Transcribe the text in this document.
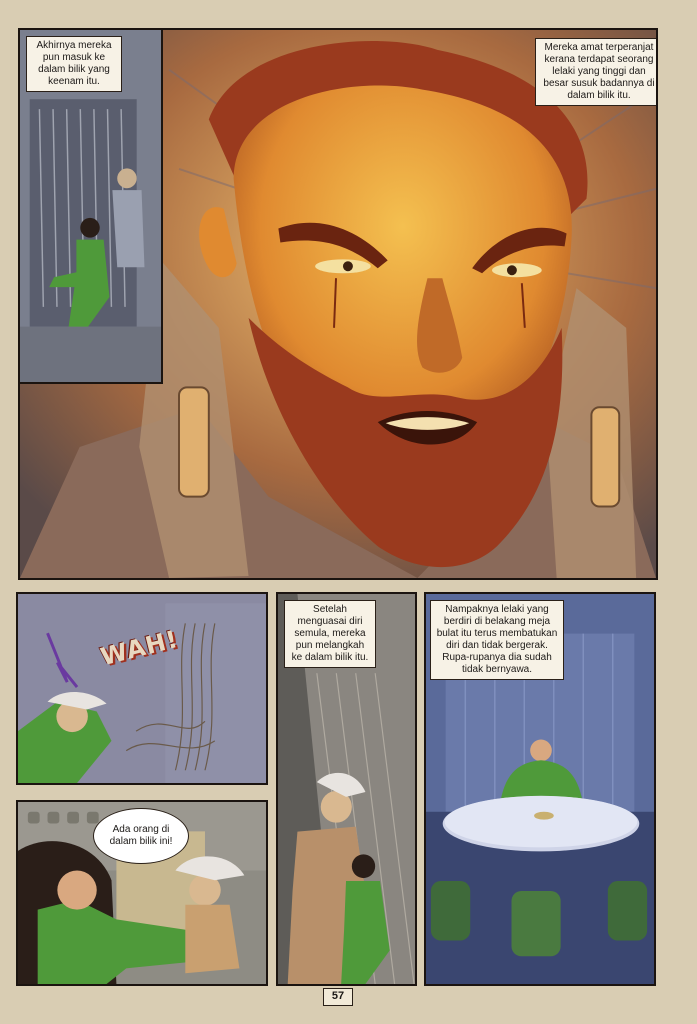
Akhirnya mereka pun masuk ke dalam bilik yang keenam itu.
Mereka amat terperanjat kerana terdapat seorang lelaki yang tinggi dan besar susuk badannya di dalam bilik itu.
WAH!
Ada orang di dalam bilik ini!
Setelah menguasai diri semula, mereka pun melangkah ke dalam bilik itu.
Nampaknya lelaki yang berdiri di belakang meja bulat itu terus membatukan diri dan tidak bergerak. Rupa-rupanya dia sudah tidak bernyawa.
57
